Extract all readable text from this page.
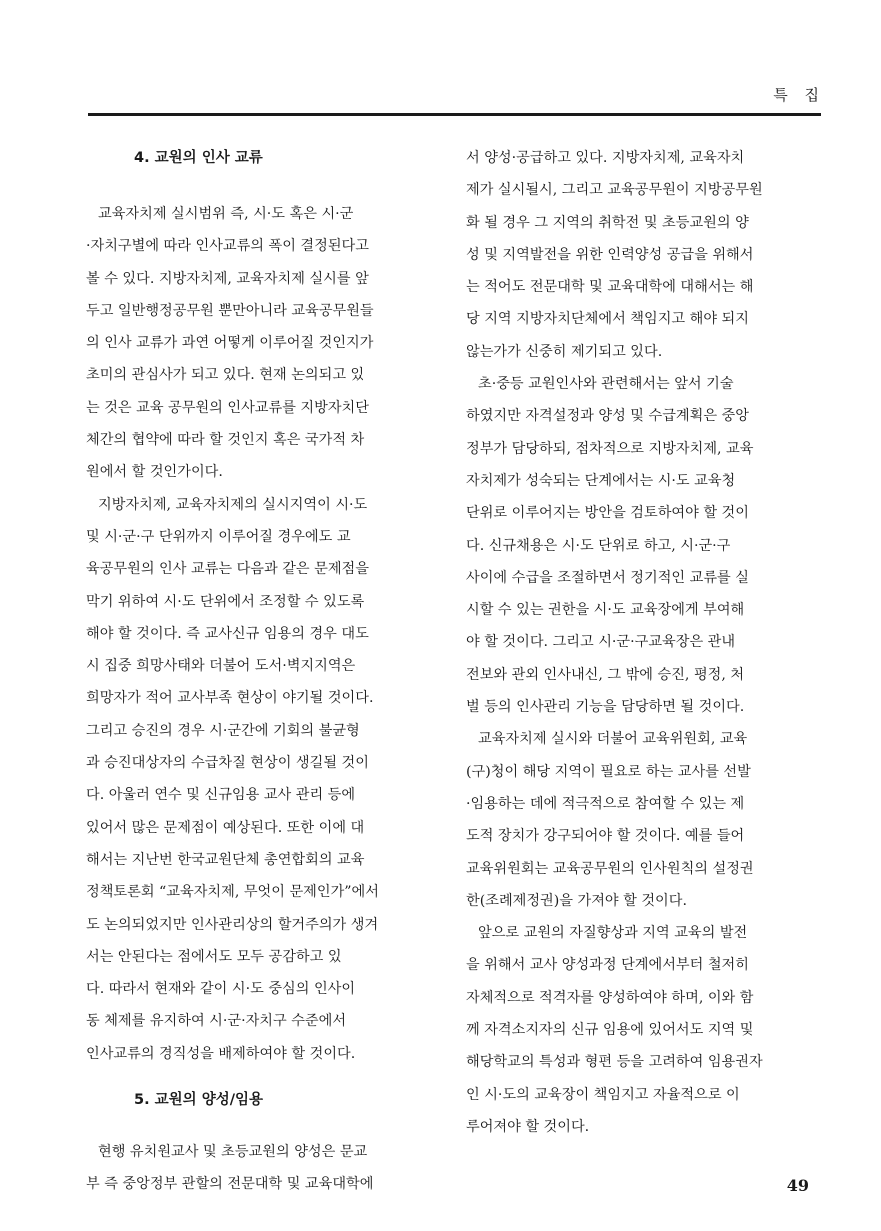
특 집
4. 교원의 인사 교류

교육자치제 실시범위 즉, 시·도 혹은 시·군
·자치구별에 따라 인사교류의 폭이 결정된다고
볼 수 있다. 지방자치제, 교육자치제 실시를 앞
두고 일반행정공무원 뿐만아니라 교육공무원들
의 인사 교류가 과연 어떻게 이루어질 것인지가
초미의 관심사가 되고 있다. 현재 논의되고 있
는 것은 교육 공무원의 인사교류를 지방자치단
체간의 협약에 따라 할 것인지 혹은 국가적 차
원에서 할 것인가이다.

지방자치제, 교육자치제의 실시지역이 시·도
및 시·군·구 단위까지 이루어질 경우에도 교
육공무원의 인사 교류는 다음과 같은 문제점을
막기 위하여 시·도 단위에서 조정할 수 있도록
해야 할 것이다. 즉 교사신규 임용의 경우 대도
시 집중 희망사태와 더불어 도서·벽지지역은
희망자가 적어 교사부족 현상이 야기될 것이다.
그리고 승진의 경우 시·군간에 기회의 불균형
과 승진대상자의 수급차질 현상이 생길될 것이
다. 아울러 연수 및 신규임용 교사 관리 등에
있어서 많은 문제점이 예상된다. 또한 이에 대
해서는 지난번 한국교원단체 총연합회의 교육
정책토론회 “교육자치제, 무엇이 문제인가”에서
도 논의되었지만 인사관리상의 할거주의가 생겨
서는 안된다는 점에서도 모두 공감하고 있
다. 따라서 현재와 같이 시·도 중심의 인사이
동 체제를 유지하여 시·군·자치구 수준에서
인사교류의 경직성을 배제하여야 할 것이다.

5. 교원의 양성/임용

현행 유치원교사 및 초등교원의 양성은 문교
부 즉 중앙정부 관할의 전문대학 및 교육대학에

서 양성·공급하고 있다. 지방자치제, 교육자치
제가 실시될시, 그리고 교육공무원이 지방공무원
화 될 경우 그 지역의 취학전 및 초등교원의 양
성 및 지역발전을 위한 인력양성 공급을 위해서
는 적어도 전문대학 및 교육대학에 대해서는 해
당 지역 지방자치단체에서 책임지고 해야 되지
않는가가 신중히 제기되고 있다.

초·중등 교원인사와 관련해서는 앞서 기술
하였지만 자격설정과 양성 및 수급계획은 중앙
정부가 담당하되, 점차적으로 지방자치제, 교육
자치제가 성숙되는 단계에서는 시·도 교육청
단위로 이루어지는 방안을 검토하여야 할 것이
다. 신규채용은 시·도 단위로 하고, 시·군·구
사이에 수급을 조절하면서 정기적인 교류를 실
시할 수 있는 권한을 시·도 교육장에게 부여해
야 할 것이다. 그리고 시·군·구교육장은 관내
전보와 관외 인사내신, 그 밖에 승진, 평정, 처
벌 등의 인사관리 기능을 담당하면 될 것이다.

교육자치제 실시와 더불어 교육위원회, 교육
(구)청이 해당 지역이 필요로 하는 교사를 선발
·임용하는 데에 적극적으로 참여할 수 있는 제
도적 장치가 강구되어야 할 것이다. 예를 들어
교육위원회는 교육공무원의 인사원칙의 설정권
한(조례제정권)을 가져야 할 것이다.

앞으로 교원의 자질향상과 지역 교육의 발전
을 위해서 교사 양성과정 단계에서부터 철저히
자체적으로 적격자를 양성하여야 하며, 이와 함
께 자격소지자의 신규 임용에 있어서도 지역 및
해당학교의 특성과 형편 등을 고려하여 임용권자
인 시·도의 교육장이 책임지고 자율적으로 이
루어져야 할 것이다.

49
